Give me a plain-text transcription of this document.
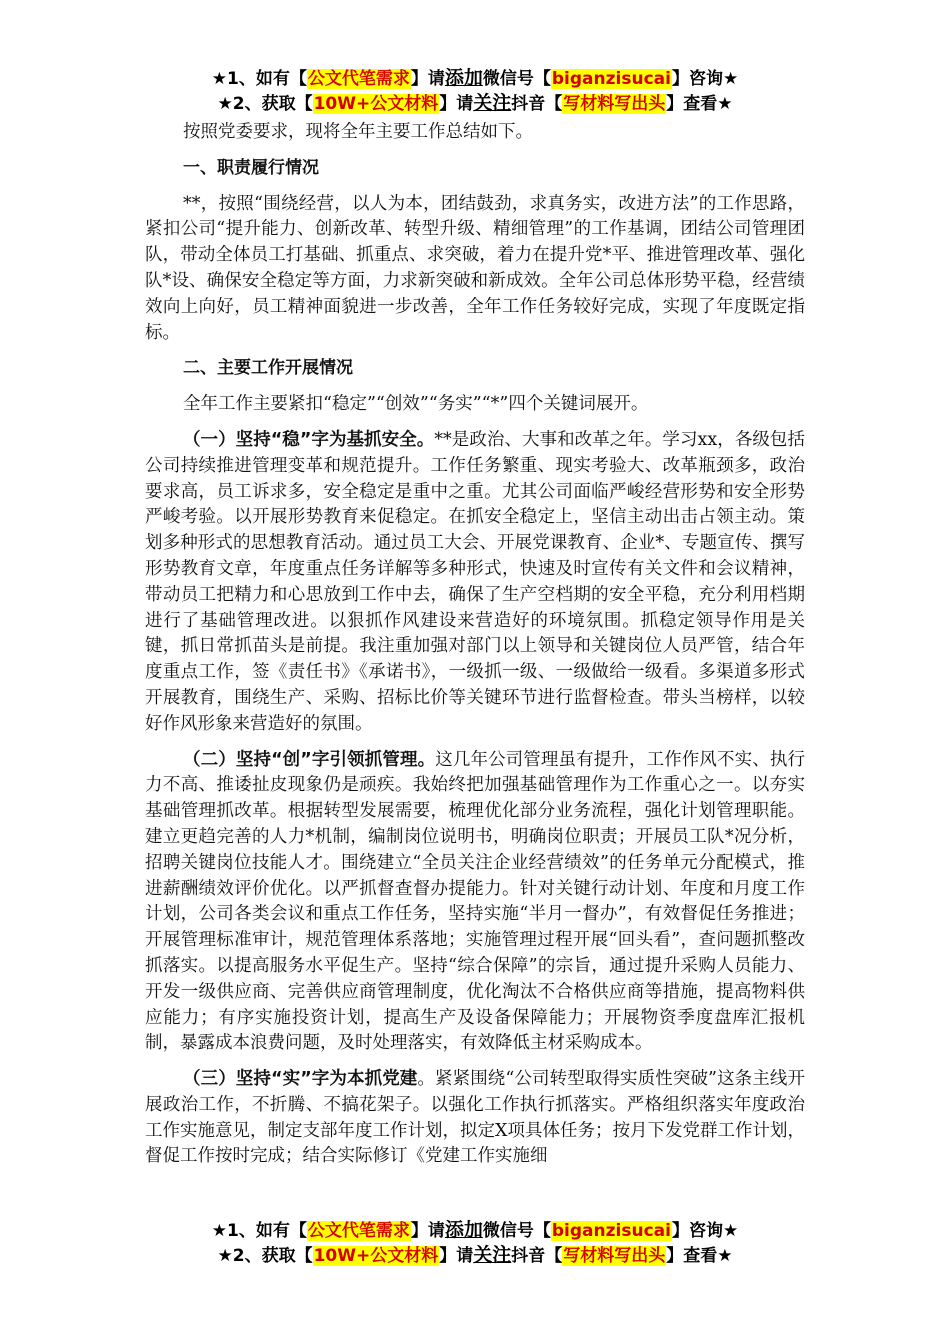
★1、如有【公文代笔需求】请添加微信号【biganzisucai】咨询★
★2、获取【10W+公文材料】请关注抖音【写材料写出头】查看★

按照党委要求，现将全年主要工作总结如下。

一、职责履行情况

**，按照“围绕经营，以人为本，团结鼓劲，求真务实，改进方法”的工作思路，紧扣公司“提升能力、创新改革、转型升级、精细管理”的工作基调，团结公司管理团队，带动全体员工打基础、抓重点、求突破，着力在提升党*平、推进管理改革、强化队*设、确保安全稳定等方面，力求新突破和新成效。全年公司总体形势平稳，经营绩效向上向好，员工精神面貌进一步改善，全年工作任务较好完成，实现了年度既定指标。

二、主要工作开展情况

全年工作主要紧扣“稳定”“创效”“务实”“*”四个关键词展开。

（一）坚持“稳”字为基抓安全。**是政治、大事和改革之年。学习xx，各级包括公司持续推进管理变革和规范提升。工作任务繁重、现实考验大、改革瓶颈多，政治要求高，员工诉求多，安全稳定是重中之重。尤其公司面临严峻经营形势和安全形势严峻考验。以开展形势教育来促稳定。在抓安全稳定上，坚信主动出击占领主动。策划多种形式的思想教育活动。通过员工大会、开展党课教育、企业*、专题宣传、撰写形势教育文章，年度重点任务详解等多种形式，快速及时宣传有关文件和会议精神，带动员工把精力和心思放到工作中去，确保了生产空档期的安全平稳，充分利用档期进行了基础管理改进。以狠抓作风建设来营造好的环境氛围。抓稳定领导作用是关键，抓日常抓苗头是前提。我注重加强对部门以上领导和关键岗位人员严管，结合年度重点工作，签《责任书》《承诺书》，一级抓一级、一级做给一级看。多渠道多形式开展教育，围绕生产、采购、招标比价等关键环节进行监督检查。带头当榜样，以较好作风形象来营造好的氛围。

（二）坚持“创”字引领抓管理。这几年公司管理虽有提升，工作作风不实、执行力不高、推诿扯皮现象仍是顽疾。我始终把加强基础管理作为工作重心之一。以夯实基础管理抓改革。根据转型发展需要，梳理优化部分业务流程，强化计划管理职能。建立更趋完善的人力*机制，编制岗位说明书，明确岗位职责；开展员工队*况分析，招聘关键岗位技能人才。围绕建立“全员关注企业经营绩效”的任务单元分配模式，推进薪酬绩效评价优化。以严抓督查督办提能力。针对关键行动计划、年度和月度工作计划，公司各类会议和重点工作任务，坚持实施“半月一督办”，有效督促任务推进；开展管理标准审计，规范管理体系落地；实施管理过程开展“回头看”，查问题抓整改抓落实。以提高服务水平促生产。坚持“综合保障”的宗旨，通过提升采购人员能力、开发一级供应商、完善供应商管理制度，优化淘汰不合格供应商等措施，提高物料供应能力；有序实施投资计划，提高生产及设备保障能力；开展物资季度盘库汇报机制，暴露成本浪费问题，及时处理落实，有效降低主材采购成本。

（三）坚持“实”字为本抓党建。紧紧围绕“公司转型取得实质性突破”这条主线开展政治工作，不折腾、不搞花架子。以强化工作执行抓落实。严格组织落实年度政治工作实施意见，制定支部年度工作计划，拟定X项具体任务；按月下发党群工作计划，督促工作按时完成；结合实际修订《党建工作实施细

★1、如有【公文代笔需求】请添加微信号【biganzisucai】咨询★
★2、获取【10W+公文材料】请关注抖音【写材料写出头】查看★
